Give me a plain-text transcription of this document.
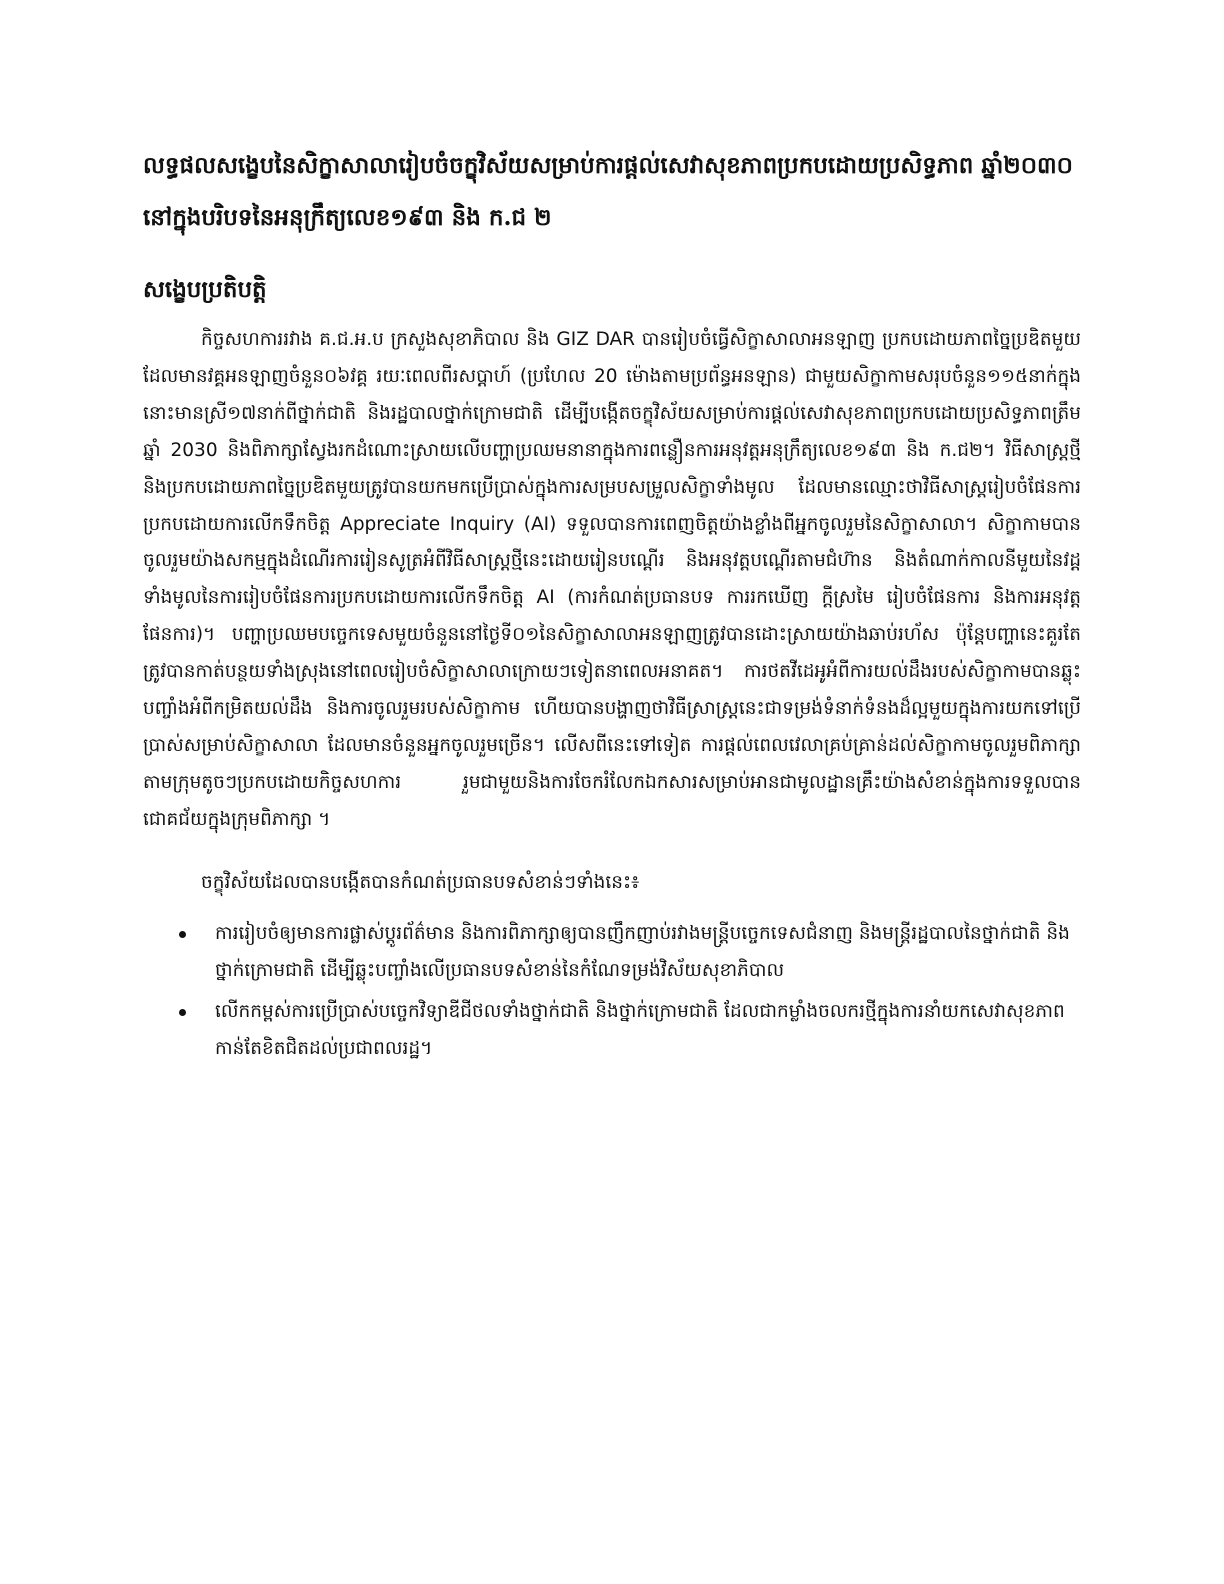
លទ្ធផលសង្ខេបនៃសិក្ខាសាលារៀបចំចក្ខុវិស័យសម្រាប់ការផ្តល់សេវាសុខភាពប្រកបដោយប្រសិទ្ធភាព ឆ្នាំ២០៣០ នៅក្នុងបរិបទនៃអនុក្រឹត្យលេខ១៩៣ និង ក.ជ ២
សង្ខេបប្រតិបត្តិ

កិច្ចសហការរវាង គ.ជ.អ.ប ក្រសួងសុខាភិបាល និង GIZ DAR បានរៀបចំធ្វើសិក្ខាសាលាអនឡាញ ប្រកបដោយភាពច្នៃប្រឌិតមួយដែលមានវគ្គអនឡាញចំនួន០៦វគ្គ រយៈពេលពីរសប្តាហ៍ (ប្រហែល 20 ម៉ោងតាមប្រព័ន្ធអនឡាន) ជាមួយសិក្ខាកាមសរុបចំនួន១១៥នាក់ក្នុងនោះមានស្រី១៧នាក់ពីថ្នាក់ជាតិ និងរដ្ឋបាលថ្នាក់ក្រោមជាតិ ដើម្បីបង្កើតចក្ខុវិស័យសម្រាប់ការផ្តល់សេវាសុខភាពប្រកបដោយប្រសិទ្ធភាពត្រឹមឆ្នាំ 2030 និងពិភាក្សាស្វែងរកដំណោះស្រាយលើបញ្ហាប្រឈមនានាក្នុងការពន្លឿនការអនុវត្តអនុក្រឹត្យលេខ១៩៣ និង ក.ជ២។ វិធីសាស្ត្រថ្មី និងប្រកបដោយភាពច្នៃប្រឌិតមួយត្រូវបានយកមកប្រើប្រាស់ក្នុងការសម្របសម្រួលសិក្ខាទាំងមូល ដែលមានឈ្មោះថាវិធីសាស្ត្ររៀបចំផែនការប្រកបដោយការលើកទឹកចិត្ត Appreciate Inquiry (AI) ទទួលបានការពេញចិត្តយ៉ាងខ្លាំងពីអ្នកចូលរួមនៃសិក្ខាសាលា។ សិក្ខាកាមបានចូលរួមយ៉ាងសកម្មក្នុងដំណើរការរៀនសូត្រអំពីវិធីសាស្ត្រថ្មីនេះដោយរៀនបណ្តើរ និងអនុវត្តបណ្តើរតាមជំហ៊ាន និងតំណាក់កាលនីមួយនៃវដ្តទាំងមូលនៃការរៀបចំផែនការប្រកបដោយការលើកទឹកចិត្ត AI (ការកំណត់ប្រធានបទ ការរកឃើញ ក្តីស្រមៃ រៀបចំផែនការ និងការអនុវត្តផែនការ)។ បញ្ហាប្រឈមបច្ចេកទេសមួយចំនួននៅថ្ងៃទី០១នៃសិក្ខាសាលាអនឡាញត្រូវបានដោះស្រាយយ៉ាងឆាប់រហ័ស ប៉ុន្តែបញ្ហានេះគួរតែត្រូវបានកាត់បន្ថយទាំងស្រុងនៅពេលរៀបចំសិក្ខាសាលាក្រោយៗទៀតនាពេលអនាគត។ ការថតវីដេអូអំពីការយល់ដឹងរបស់សិក្ខាកាមបានឆ្លុះបញ្ចាំងអំពីកម្រិតយល់ដឹង និងការចូលរួមរបស់សិក្ខាកាម ហើយបានបង្ហាញថាវិធីស្រាស្រ្តនេះជាទម្រង់ទំនាក់ទំនងដ៏ល្អមួយក្នុងការយកទៅប្រើប្រាស់សម្រាប់សិក្ខាសាលា ដែលមានចំនួនអ្នកចូលរួមច្រើន។ លើសពីនេះទៅទៀត ការផ្តល់ពេលវេលាគ្រប់គ្រាន់ដល់សិក្ខាកាមចូលរួមពិភាក្សាតាមក្រុមតូចៗប្រកបដោយកិច្ចសហការ រួមជាមួយនិងការចែករំលែកឯកសារសម្រាប់អានជាមូលដ្ឋានគ្រឹះយ៉ាងសំខាន់ក្នុងការទទួលបានជោគជ័យក្នុងក្រុមពិភាក្សា ។

ចក្ខុវិស័យដែលបានបង្កើតបានកំណត់ប្រធានបទសំខាន់ៗទាំងនេះ៖

ការរៀបចំឲ្យមានការផ្លាស់ប្តូរព័ត៌មាន និងការពិភាក្សាឲ្យបានញឹកញាប់រវាងមន្ត្រីបច្ចេកទេសជំនាញ និងមន្ត្រីរដ្ឋបាលនៃថ្នាក់ជាតិ និងថ្នាក់ក្រោមជាតិ ដើម្បីឆ្លុះបញ្ចាំងលើប្រធានបទសំខាន់នៃកំណែទម្រង់វិស័យសុខាភិបាល
លើកកម្ពស់ការប្រើប្រាស់បច្ចេកវិទ្យាឌីជីថលទាំងថ្នាក់ជាតិ និងថ្នាក់ក្រោមជាតិ ដែលជាកម្លាំងចលករថ្មីក្នុងការនាំយកសេវាសុខភាពកាន់តែខិតជិតដល់ប្រជាពលរដ្ឋ។
